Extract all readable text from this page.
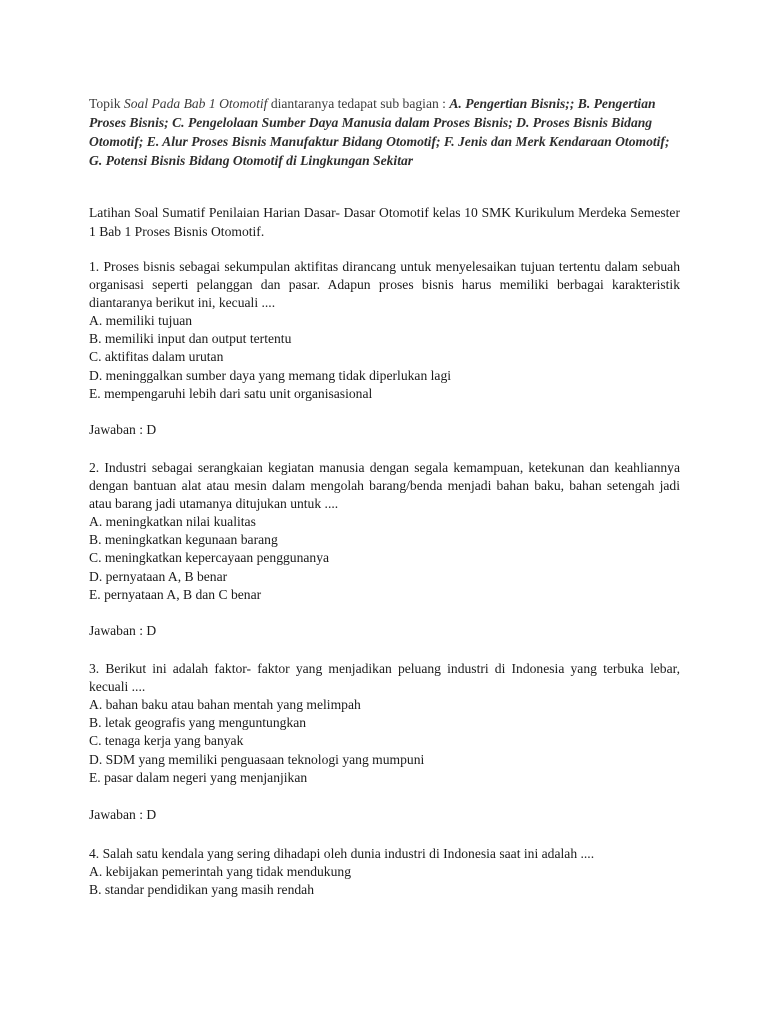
Topik Soal Pada Bab 1 Otomotif diantaranya tedapat sub bagian : A. Pengertian Bisnis;; B. Pengertian Proses Bisnis; C. Pengelolaan Sumber Daya Manusia dalam Proses Bisnis; D. Proses Bisnis Bidang Otomotif; E. Alur Proses Bisnis Manufaktur Bidang Otomotif; F. Jenis dan Merk Kendaraan Otomotif; G. Potensi Bisnis Bidang Otomotif di Lingkungan Sekitar

Latihan Soal Sumatif Penilaian Harian Dasar- Dasar Otomotif kelas 10 SMK Kurikulum Merdeka Semester 1 Bab 1 Proses Bisnis Otomotif.

1. Proses bisnis sebagai sekumpulan aktifitas dirancang untuk menyelesaikan tujuan tertentu dalam sebuah organisasi seperti pelanggan dan pasar. Adapun proses bisnis harus memiliki berbagai karakteristik diantaranya berikut ini, kecuali ....

A. memiliki tujuan

B. memiliki input dan output tertentu

C. aktifitas dalam urutan

D. meninggalkan sumber daya yang memang tidak diperlukan lagi

E. mempengaruhi lebih dari satu unit organisasional

Jawaban : D

2. Industri sebagai serangkaian kegiatan manusia dengan segala kemampuan, ketekunan dan keahliannya dengan bantuan alat atau mesin dalam mengolah barang/benda menjadi bahan baku, bahan setengah jadi atau barang jadi utamanya ditujukan untuk ....

A. meningkatkan nilai kualitas

B. meningkatkan kegunaan barang

C. meningkatkan kepercayaan penggunanya

D. pernyataan A, B benar

E. pernyataan A, B dan C benar

Jawaban : D

3. Berikut ini adalah faktor- faktor yang menjadikan peluang industri di Indonesia yang terbuka lebar, kecuali ....

A. bahan baku atau bahan mentah yang melimpah

B. letak geografis yang menguntungkan

C. tenaga kerja yang banyak

D. SDM yang memiliki penguasaan teknologi yang mumpuni

E. pasar dalam negeri yang menjanjikan

Jawaban : D

4. Salah satu kendala yang sering dihadapi oleh dunia industri di Indonesia saat ini adalah ....

A. kebijakan pemerintah yang tidak mendukung

B. standar pendidikan yang masih rendah
